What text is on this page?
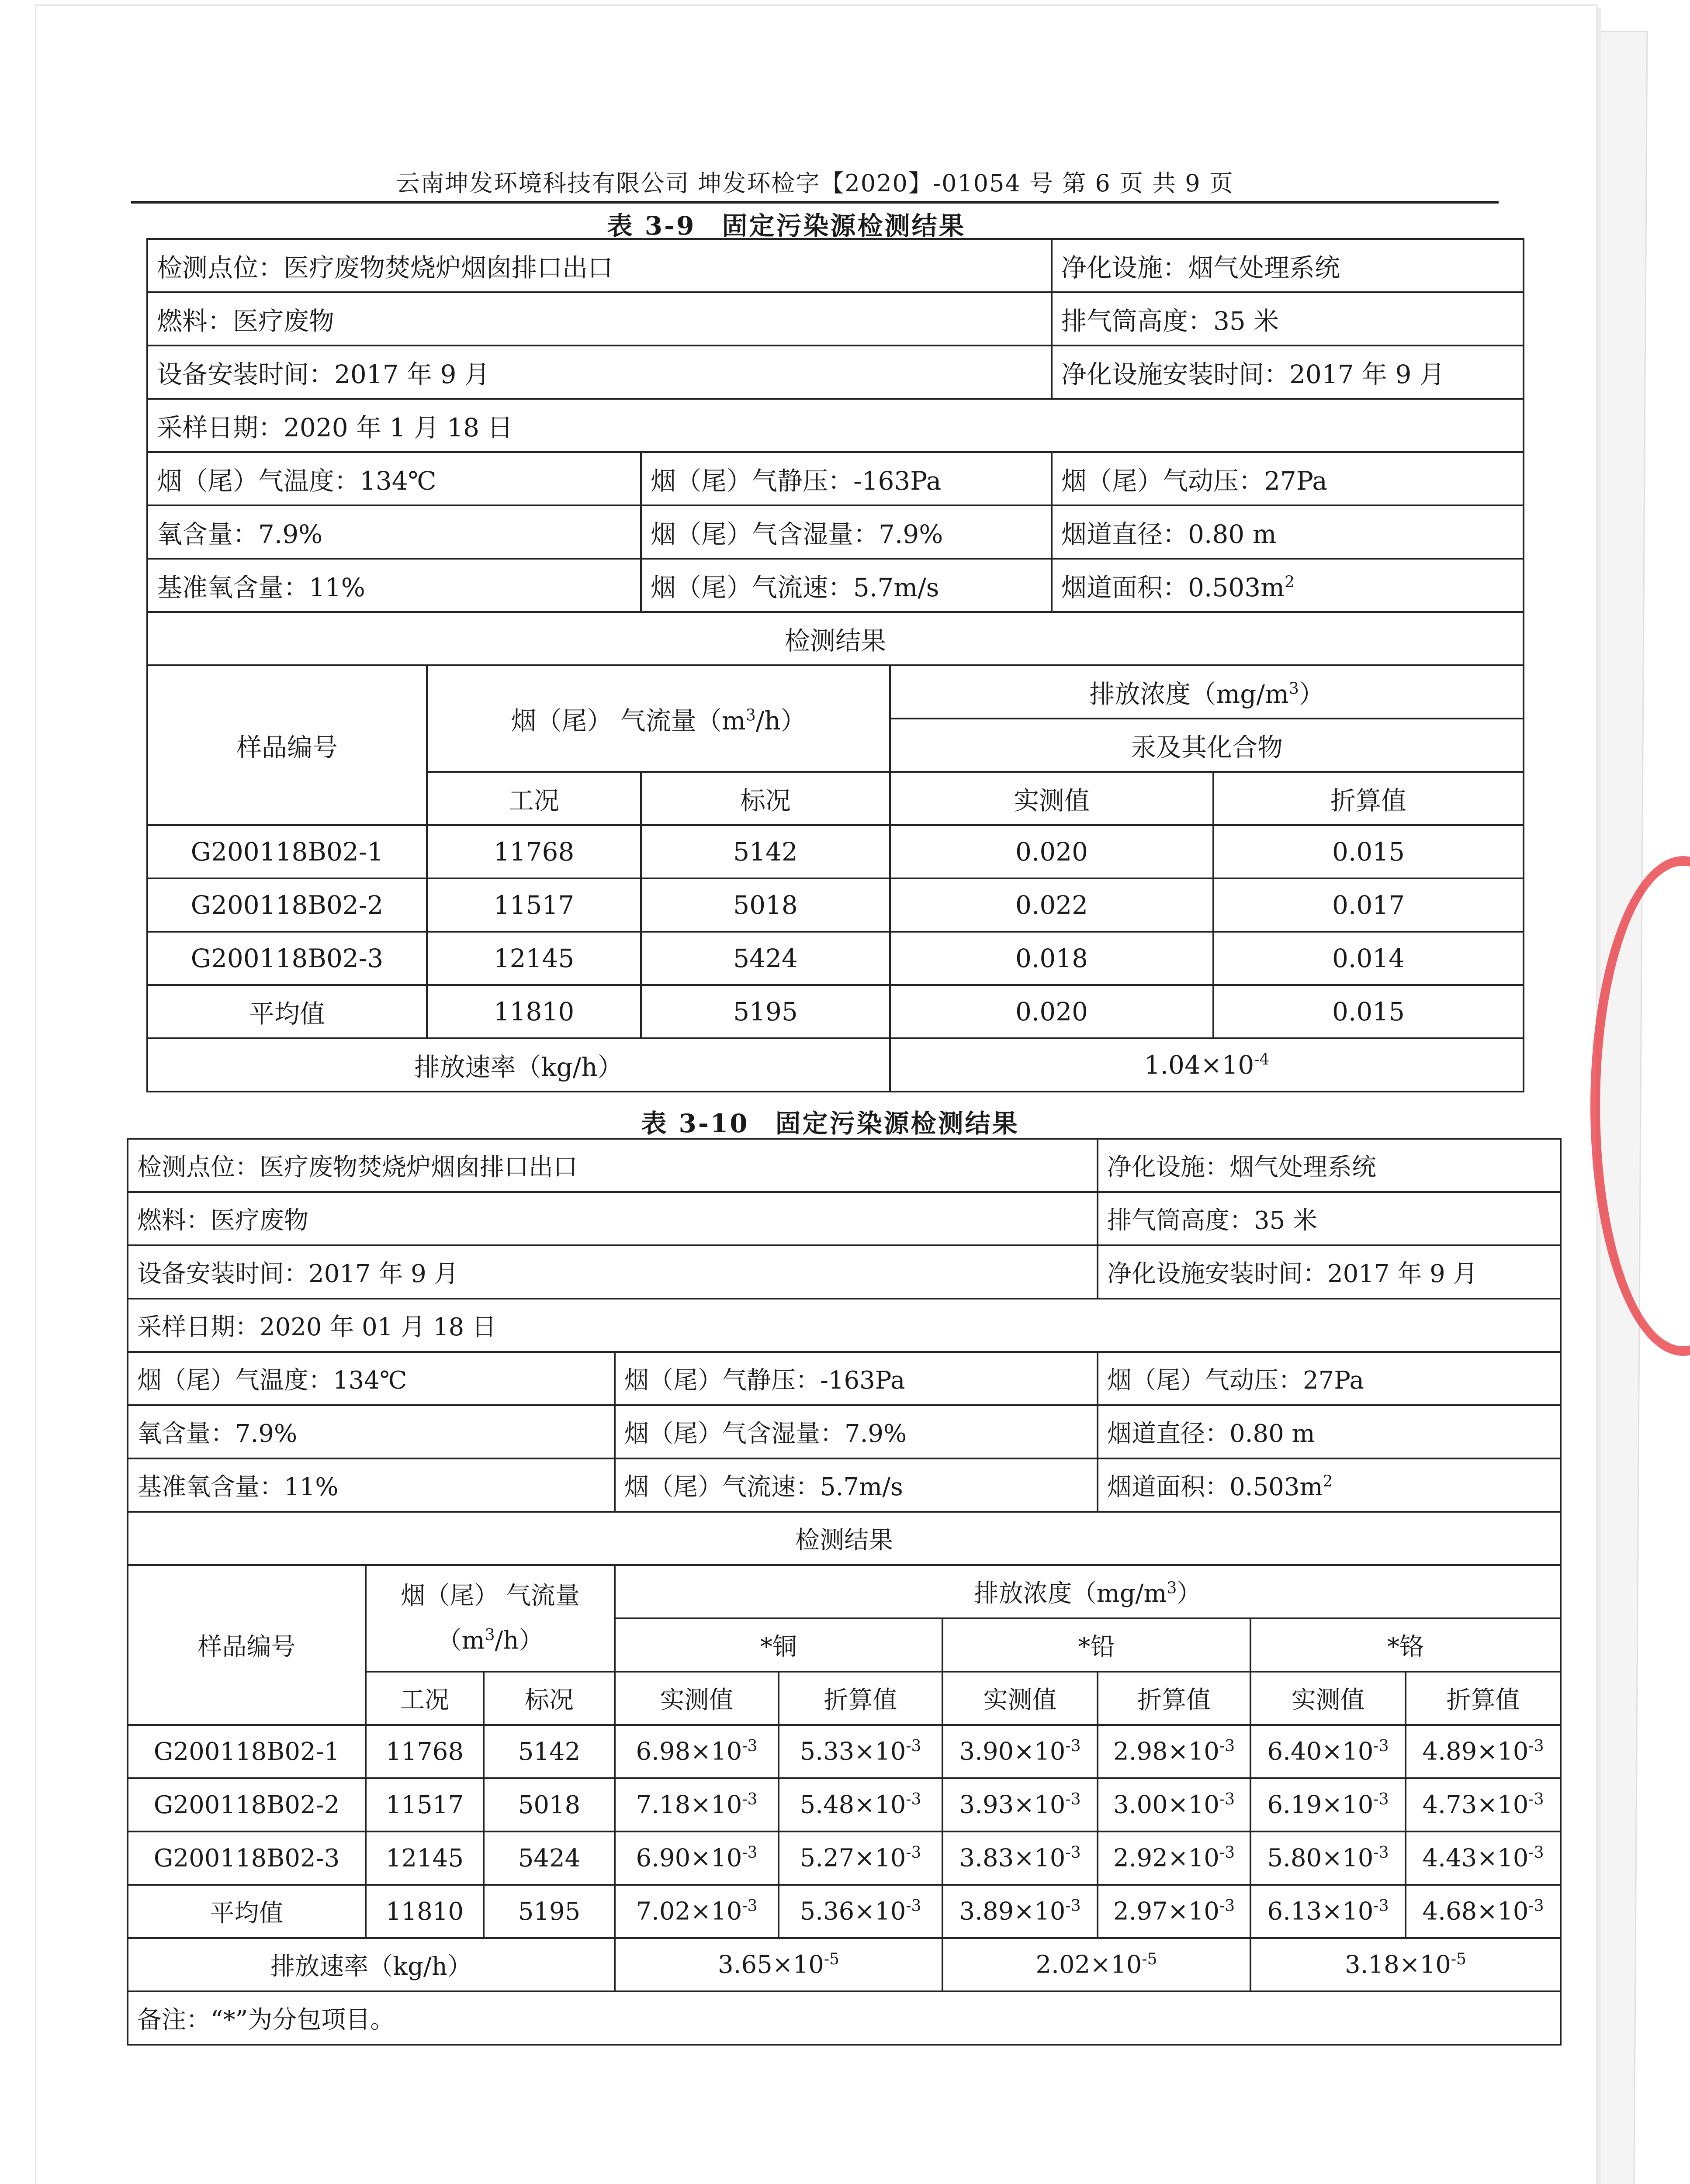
云南坤发环境科技有限公司 坤发环检字【2020】-01054 号 第 6 页 共 9 页
表 3-9 固定污染源检测结果
检测点位：医疗废物焚烧炉烟囱排口出口				净化设施：烟气处理系统	
燃料：医疗废物				排气筒高度：35 米	
设备安装时间：2017 年 9 月				净化设施安装时间：2017 年 9 月	
采样日期：2020 年 1 月 18 日					
烟（尾）气温度：134℃		烟（尾）气静压：-163Pa		烟（尾）气动压：27Pa	
氧含量：7.9%		烟（尾）气含湿量：7.9%		烟道直径：0.80 m	
基准氧含量：11%		烟（尾）气流速：5.7m/s		烟道面积：$0.503m^2$
检测结果					
样品编号	烟（尾） 气流量$(m^3/h)$		排放浓度$(mg/m^3)$		
			汞及其化合物		
	工况	标况	实测值		折算值
G200118B02-1	11768	5142	0.020		0.015
G200118B02-2	11517	5018	0.022		0.017
G200118B02-3	12145	5424	0.018		0.014
平均值	11810	5195	0.020		0.015
排放速率（kg/h）			$1.04\times 10^{-4}$
表 3-10 固定污染源检测结果
检测点位：医疗废物焚烧炉烟囱排口出口						净化设施：烟气处理系统		
燃料：医疗废物						排气筒高度：35 米		
设备安装时间：2017 年 9 月						净化设施安装时间：2017 年 9 月		
采样日期：2020 年 01 月 18 日								
烟（尾）气温度：134℃			烟（尾）气静压：-163Pa			烟（尾）气动压：27Pa		
氧含量：7.9%			烟（尾）气含湿量：7.9%			烟道直径：0.80 m		
基准氧含量：11%			烟（尾）气流速：5.7m/s			烟道面积：$0.503m^2$
检测结果								
样品编号	烟（尾） 气流量
$(m^3/h)$		排放浓度$(mg/m^3)$					
			*铜		*铅		*铬	
	工况	标况	实测值	折算值	实测值	折算值	实测值	折算值
G200118B02-1	11768	5142	$6.98\times 10^{-3}$	$5.33\times 10^{-3}$	$3.90\times 10^{-3}$	$2.98\times 10^{-3}$	$6.40\times 10^{-3}$	$4.89\times 10^{-3}$
G200118B02-2	11517	5018	$7.18\times 10^{-3}$	$5.48\times 10^{-3}$	$3.93\times 10^{-3}$	$3.00\times 10^{-3}$	$6.19\times 10^{-3}$	$4.73\times 10^{-3}$
G200118B02-3	12145	5424	$6.90\times 10^{-3}$	$5.27\times 10^{-3}$	$3.83\times 10^{-3}$	$2.92\times 10^{-3}$	$5.80\times 10^{-3}$	$4.43\times 10^{-3}$
平均值	11810	5195	$7.02\times 10^{-3}$	$5.36\times 10^{-3}$	$3.89\times 10^{-3}$	$2.97\times 10^{-3}$	$6.13\times 10^{-3}$	$4.68\times 10^{-3}$
排放速率（kg/h）			$3.65\times 10^{-5}$		$2.02\times 10^{-5}$		$3.18\times 10^{-5}$
备注：“*”为分包项目。								
